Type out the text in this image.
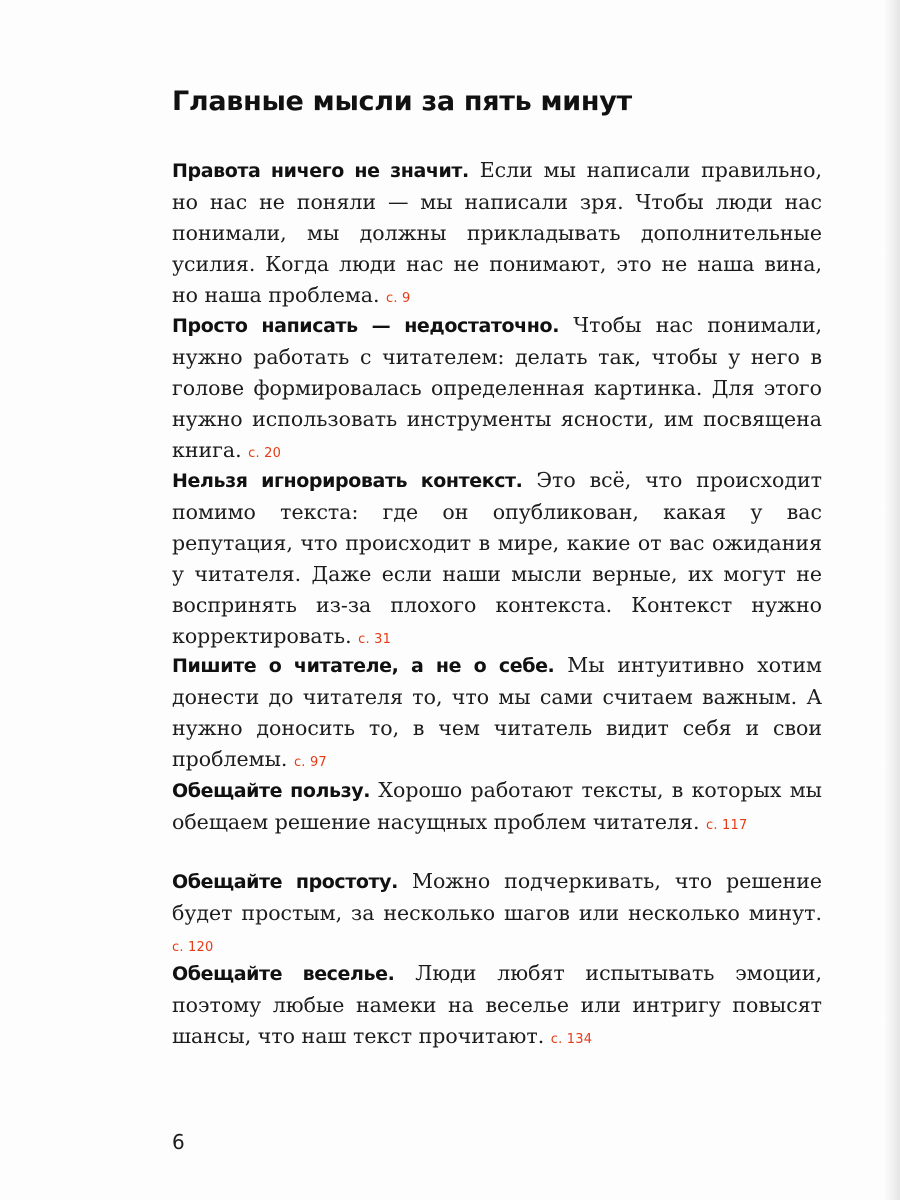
Главные мысли за пять минут

Правота ничего не значит. Если мы написали правильно, но нас не поняли — мы написали зря. Чтобы люди нас понимали, мы должны прикладывать дополнительные усилия. Когда люди нас не понимают, это не наша вина, но наша проблема. с. 9

Просто написать — недостаточно. Чтобы нас понимали, нужно работать с читателем: делать так, чтобы у него в голове формировалась определенная картинка. Для этого нужно использовать инструменты ясности, им посвящена книга. с. 20

Нельзя игнорировать контекст. Это всё, что происходит помимо текста: где он опубликован, какая у вас репутация, что происходит в мире, какие от вас ожидания у читателя. Даже если наши мысли верные, их могут не воспринять из-за плохого контекста. Контекст нужно корректировать. с. 31

Пишите о читателе, а не о себе. Мы интуитивно хотим донести до читателя то, что мы сами считаем важным. А нужно доносить то, в чем читатель видит себя и свои проблемы. с. 97

Обещайте пользу. Хорошо работают тексты, в которых мы обещаем решение насущных проблем читателя. с. 117

Обещайте простоту. Можно подчеркивать, что решение будет простым, за несколько шагов или несколько минут. с. 120

Обещайте веселье. Люди любят испытывать эмоции, поэтому любые намеки на веселье или интригу повысят шансы, что наш текст прочитают. с. 134

6
